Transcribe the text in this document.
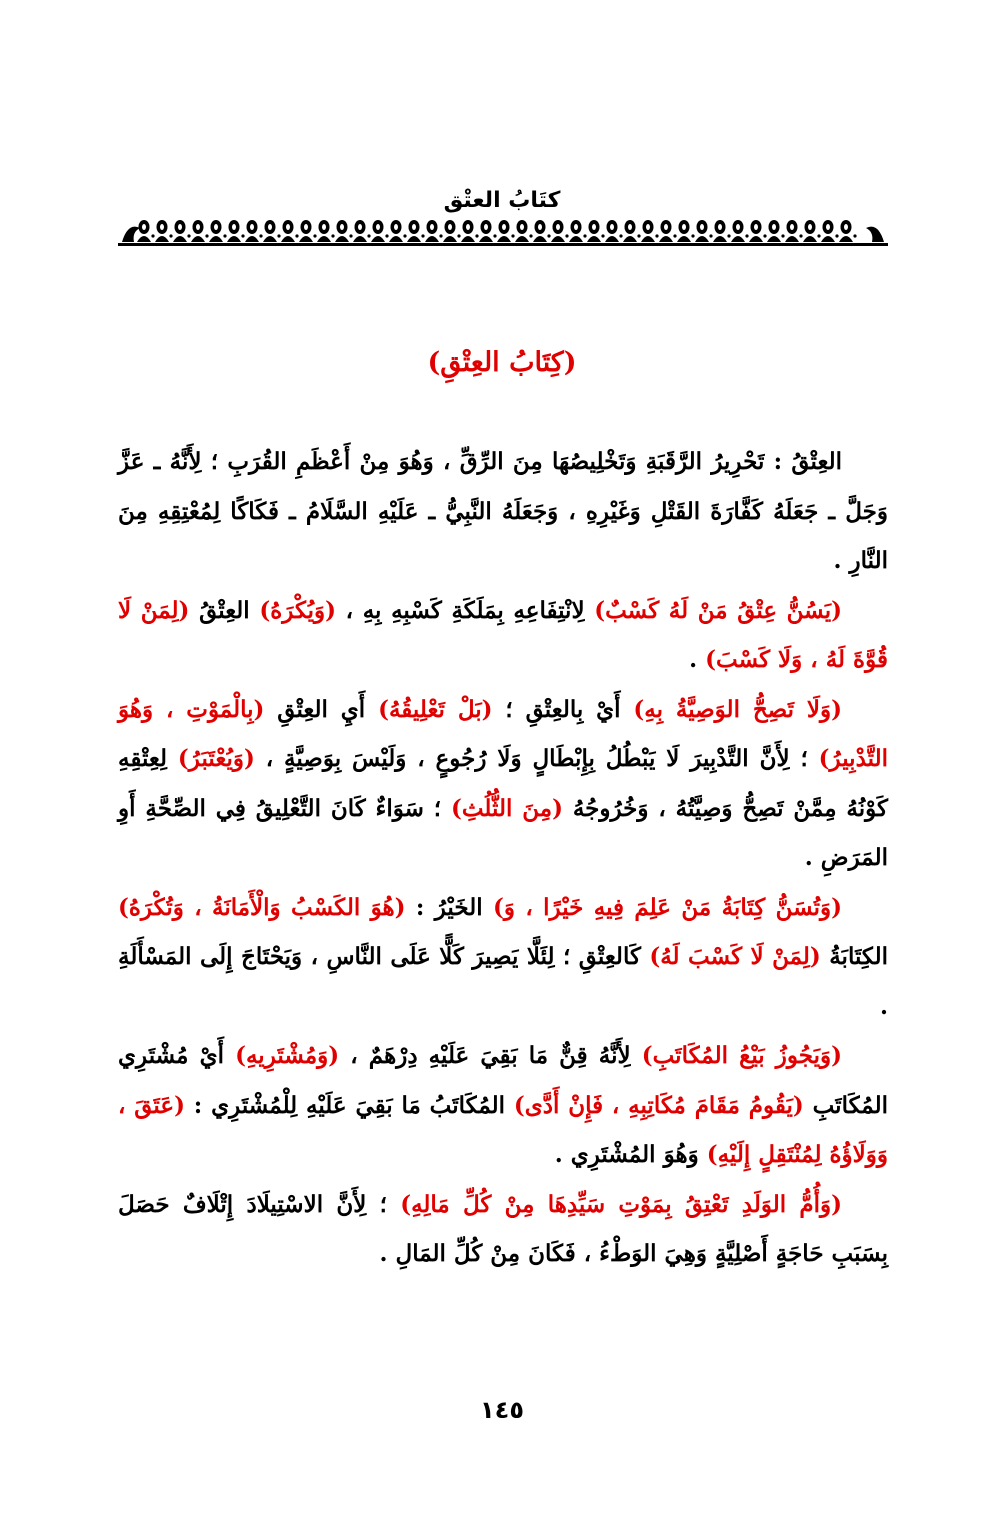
كتَابُ العتْق
(كِتَابُ العِتْقِ)

العِتْقُ : تَحْرِيرُ الرَّقَبَةِ وَتَخْلِيصُهَا مِنَ الرِّقِّ ، وَهُوَ مِنْ أَعْظَمِ القُرَبِ ؛ لِأَنَّهُ ـ عَزَّ وَجَلَّ ـ جَعَلَهُ كَفَّارَةَ القَتْلِ وَغَيْرِهِ ، وَجَعَلَهُ النَّبِيُّ ـ عَلَيْهِ السَّلَامُ ـ فَكَاكًا لِمُعْتِقِهِ مِنَ النَّارِ .

(يَسُنُّ عِتْقُ مَنْ لَهُ كَسْبٌ) لِانْتِفَاعِهِ بِمَلَكَةِ كَسْبِهِ بِهِ ، (وَيُكْرَهُ) العِتْقُ (لِمَنْ لَا قُوَّةَ لَهُ ، وَلَا كَسْبَ) .

(وَلَا تَصِحُّ الوَصِيَّةُ بِهِ) أَيْ بِالعِتْقِ ؛ (بَلْ تَعْلِيقُهُ) أَيِ العِتْقِ (بِالْمَوْتِ ، وَهُوَ التَّدْبِيرُ) ؛ لِأَنَّ التَّدْبِيرَ لَا يَبْطُلُ بِإِبْطَالٍ وَلَا رُجُوعٍ ، وَلَيْسَ بِوَصِيَّةٍ ، (وَيُعْتَبَرُ) لِعِتْقِهِ كَوْنُهُ مِمَّنْ تَصِحُّ وَصِيَّتُهُ ، وَخُرُوجُهُ (مِنَ الثُّلُثِ) ؛ سَوَاءٌ كَانَ التَّعْلِيقُ فِي الصِّحَّةِ أَوِ المَرَضِ .

(وَتُسَنُّ كِتَابَةُ مَنْ عَلِمَ فِيهِ خَيْرًا ، وَ) الخَيْرُ : (هُوَ الكَسْبُ وَالْأَمَانَةُ ، وَتُكْرَهُ) الكِتَابَةُ (لِمَنْ لَا كَسْبَ لَهُ) كَالعِتْقِ ؛ لِئَلَّا يَصِيرَ كَلًّا عَلَى النَّاسِ ، وَيَحْتَاجَ إِلَى المَسْأَلَةِ .

(وَيَجُوزُ بَيْعُ المُكَاتَبِ) لِأَنَّهُ قِنٌّ مَا بَقِيَ عَلَيْهِ دِرْهَمٌ ، (وَمُشْتَرِيهِ) أَيْ مُشْتَرِي المُكَاتَبِ (يَقُومُ مَقَامَ مُكَاتِبِهِ ، فَإِنْ أَدَّى) المُكَاتَبُ مَا بَقِيَ عَلَيْهِ لِلْمُشْتَرِي : (عَتَقَ ، وَوَلَاؤُهُ لِمُنْتَقِلٍ إِلَيْهِ) وَهُوَ المُشْتَرِي .

(وَأُمُّ الوَلَدِ تَعْتِقُ بِمَوْتِ سَيِّدِهَا مِنْ كُلِّ مَالِهِ) ؛ لِأَنَّ الاسْتِيلَادَ إِتْلَافٌ حَصَلَ بِسَبَبِ حَاجَةٍ أَصْلِيَّةٍ وَهِيَ الوَطْءُ ، فَكَانَ مِنْ كُلِّ المَالِ .

١٤٥
